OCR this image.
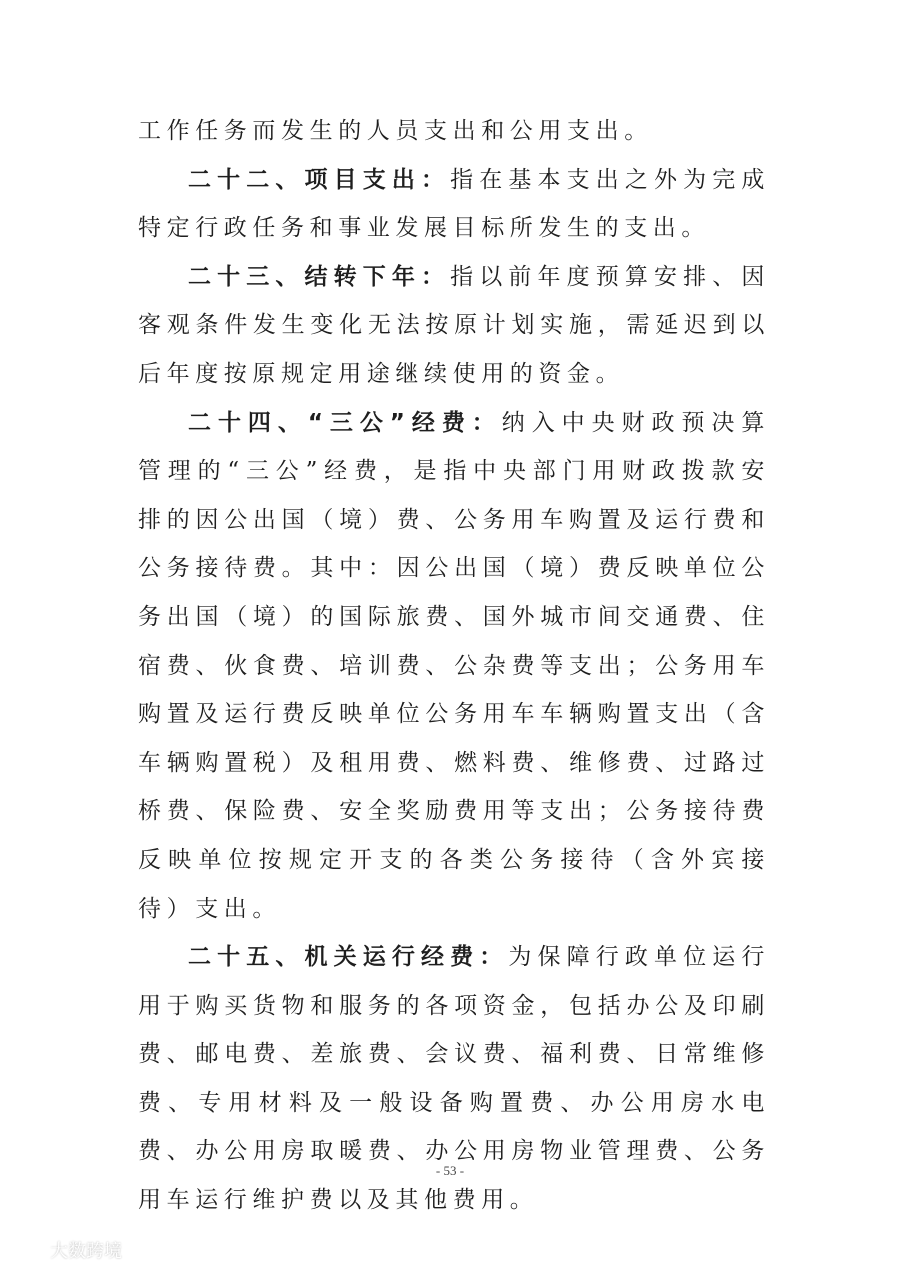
工作任务而发生的人员支出和公用支出。

二十二、项目支出：指在基本支出之外为完成特定行政任务和事业发展目标所发生的支出。

二十三、结转下年：指以前年度预算安排、因客观条件发生变化无法按原计划实施，需延迟到以后年度按原规定用途继续使用的资金。

二十四、“三公”经费：纳入中央财政预决算管理的“三公”经费，是指中央部门用财政拨款安排的因公出国（境）费、公务用车购置及运行费和公务接待费。其中：因公出国（境）费反映单位公务出国（境）的国际旅费、国外城市间交通费、住宿费、伙食费、培训费、公杂费等支出；公务用车购置及运行费反映单位公务用车车辆购置支出（含车辆购置税）及租用费、燃料费、维修费、过路过桥费、保险费、安全奖励费用等支出；公务接待费反映单位按规定开支的各类公务接待（含外宾接待）支出。

二十五、机关运行经费：为保障行政单位运行用于购买货物和服务的各项资金，包括办公及印刷费、邮电费、差旅费、会议费、福利费、日常维修费、专用材料及一般设备购置费、办公用房水电费、办公用房取暖费、办公用房物业管理费、公务用车运行维护费以及其他费用。

- 53 -
大数跨境
